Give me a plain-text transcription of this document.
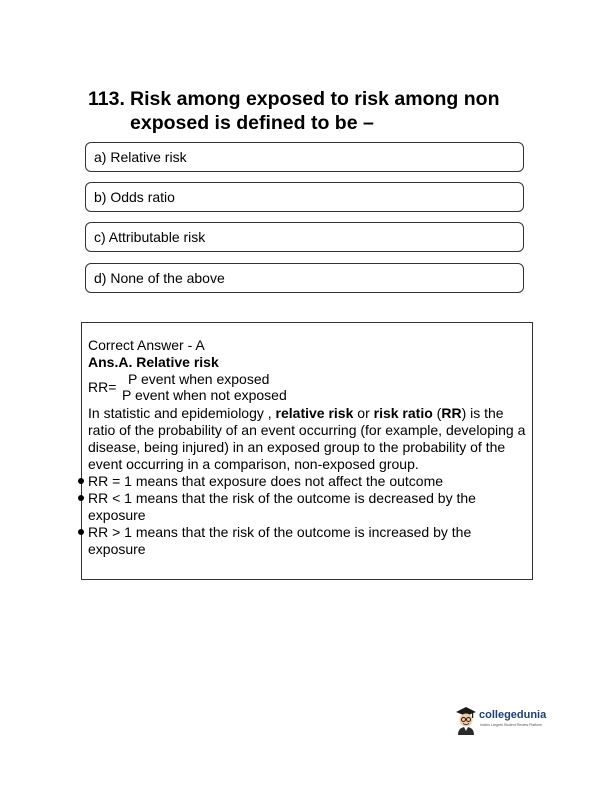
113. Risk among exposed to risk among non
exposed is defined to be –
a) Relative risk
b) Odds ratio
c) Attributable risk
d) None of the above
Correct Answer - A
Ans.A. Relative risk
RR= P event when exposed
P event when not exposed

In statistic and epidemiology , relative risk or risk ratio (RR) is the ratio of the probability of an event occurring (for example, developing a disease, being injured) in an exposed group to the probability of the event occurring in a comparison, non-exposed group.

RR = 1 means that exposure does not affect the outcome
RR < 1 means that the risk of the outcome is decreased by the exposure
RR > 1 means that the risk of the outcome is increased by the exposure
collegedunia
India's Largest Student Review Platform
